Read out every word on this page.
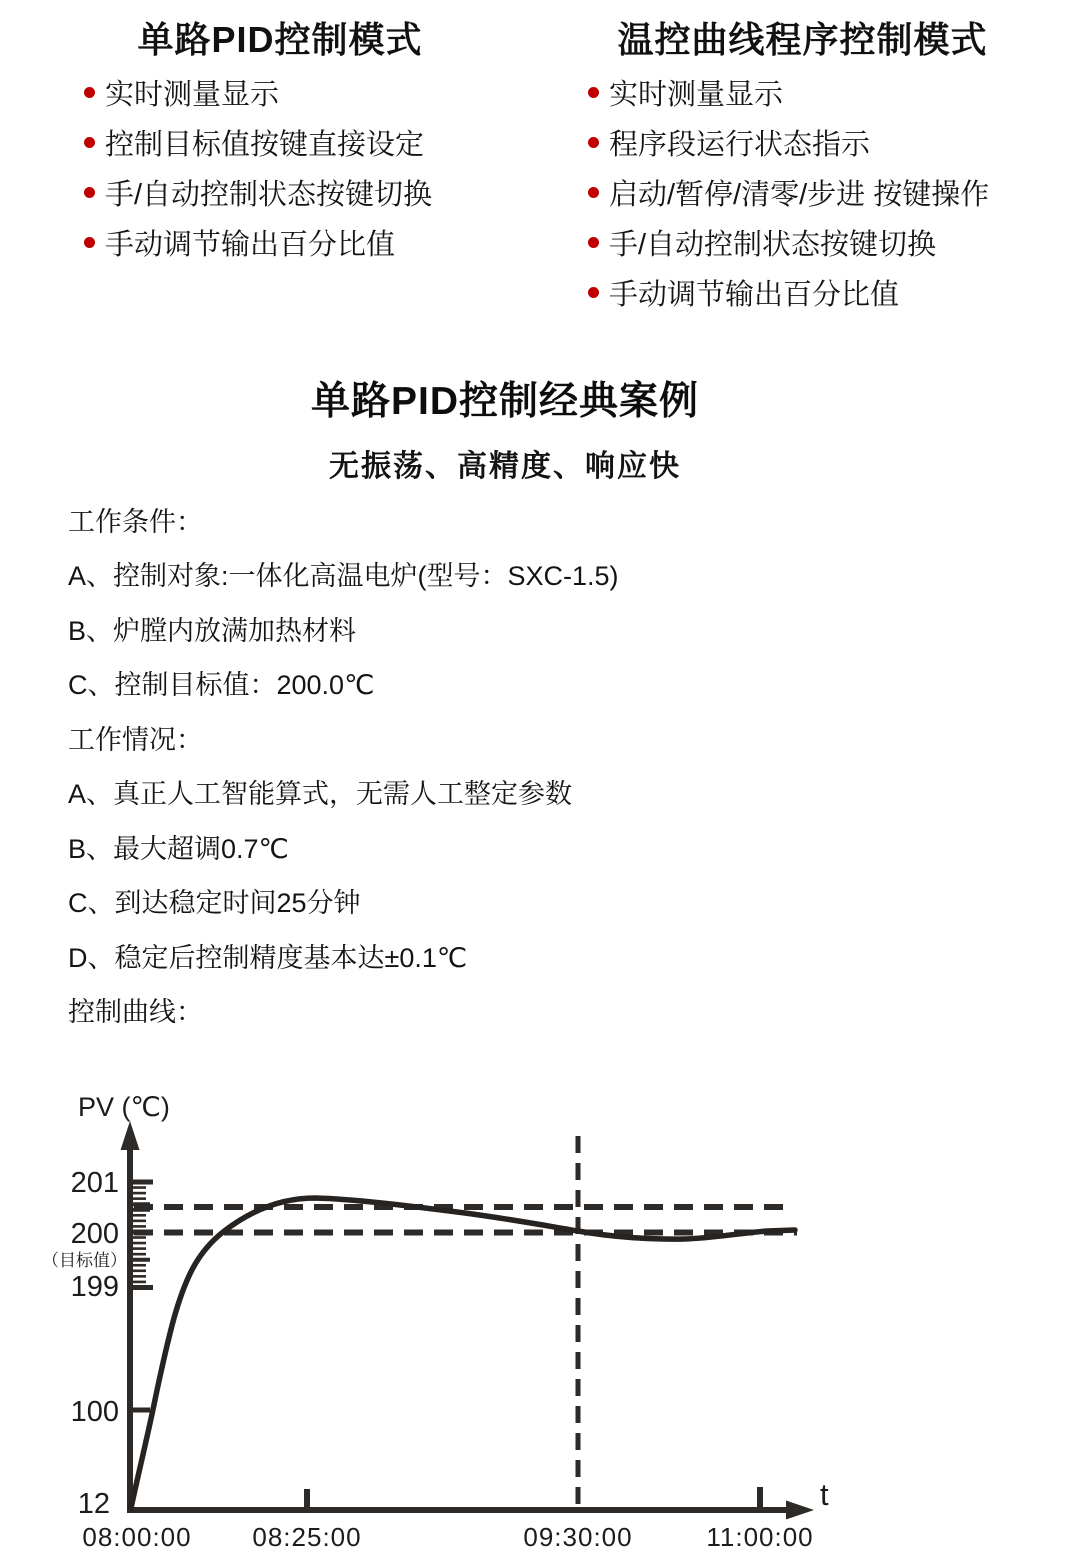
单路PID控制模式	温控曲线程序控制模式
实时测量显示
控制目标值按键直接设定
手/自动控制状态按键切换
手动调节输出百分比值
实时测量显示
程序段运行状态指示
启动/暂停/清零/步进 按键操作
手/自动控制状态按键切换
手动调节输出百分比值
单路PID控制经典案例
无振荡、高精度、响应快
工作条件：
A、控制对象:一体化高温电炉(型号：SXC-1.5)
B、炉膛内放满加热材料
C、控制目标值：200.0℃
工作情况：
A、真正人工智能算式，无需人工整定参数
B、最大超调0.7℃
C、到达稳定时间25分钟
D、稳定后控制精度基本达±0.1℃
控制曲线：
PV (℃)
201
200
（目标值）
199
100
12
08:00:00 08:25:00	09:30:00	11:00:00
t
